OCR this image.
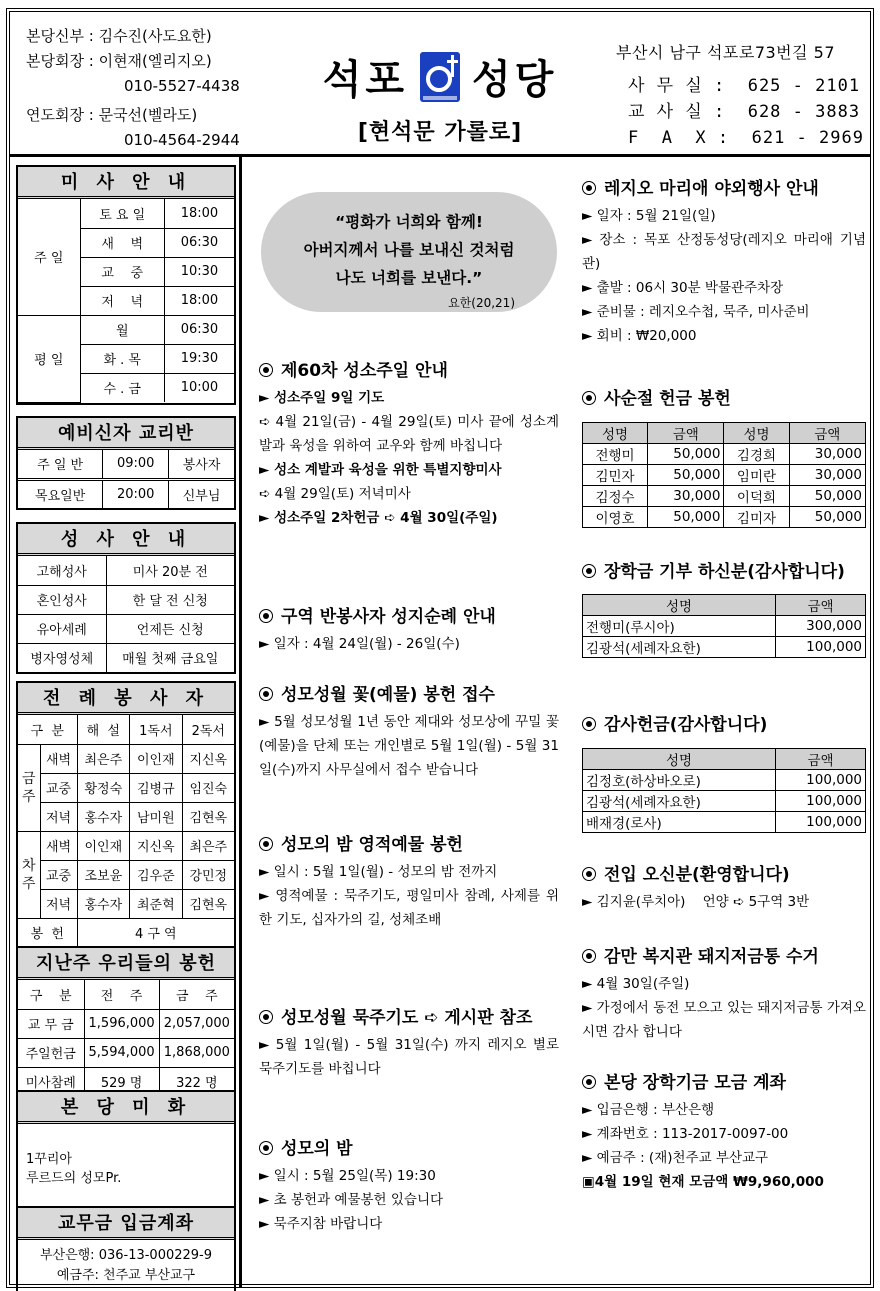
본당신부 : 김수진(사도요한)
본당회장 : 이현재(엘리지오)
010-5527-4438
연도회장 : 문국선(벨라도)
010-4564-2944
석포 성당
[현석문 가롤로]
부산시 남구 석포로73번길 57
사 무 실 : 625 - 2101
교 사 실 : 628 - 3883
F  A  X : 621 - 2969
미 사 안 내
주 일	토 요 일	18:00
	새    벽	06:30
	교    중	10:30
	저    녁	18:00
평 일	월	06:30
	화 . 목	19:30
	수 . 금	10:00
예비신자 교리반
주 일 반	09:00	봉사자
목요일반	20:00	신부님
성 사 안 내
고해성사	미사 20분 전
혼인성사	한 달 전 신청
유아세례	언제든 신청
병자영성체	매월 첫째 금요일
전 례 봉 사 자
구  분		해  설	1독서	2독서
금
주	새벽	최은주	이인재	지신옥
	교중	황정숙	김병규	임진숙
	저녁	홍수자	남미원	김현옥
차
주	새벽	이인재	지신옥	최은주
	교중	조보윤	김우준	강민정
	저녁	홍수자	최준혁	김현옥
봉  헌		4 구 역		
지난주 우리들의 봉헌
구    분	전    주	금    주
교 무 금	1,596,000	2,057,000
주일헌금	5,594,000	1,868,000
미사참례	529 명	322 명
본 당 미 화
1꾸리아
루르드의 성모Pr.
교무금 입금계좌
부산은행: 036-13-000229-9
예금주: 천주교 부산교구
“평화가 너희와 함께!
아버지께서 나를 보내신 것처럼
나도 너희를 보낸다.”
요한(20,21)
제60차 성소주일 안내
► 성소주일 9일 기도
➪ 4월 21일(금) - 4월 29일(토) 미사 끝에 성소계발과 육성을 위하여 교우와 함께 바칩니다
► 성소 계발과 육성을 위한 특별지향미사
➪ 4월 29일(토) 저녁미사
► 성소주일 2차헌금 ➪ 4월 30일(주일)
구역 반봉사자 성지순례 안내
► 일자 : 4월 24일(월) - 26일(수)
성모성월 꽃(예물) 봉헌 접수
► 5월 성모성월 1년 동안 제대와 성모상에 꾸밀 꽃(예물)을 단체 또는 개인별로 5월 1일(월) - 5월 31일(수)까지 사무실에서 접수 받습니다
성모의 밤 영적예물 봉헌
► 일시 : 5월 1일(월) - 성모의 밤 전까지
► 영적예물 : 묵주기도, 평일미사 참례, 사제를 위한 기도, 십자가의 길, 성체조배
성모성월 묵주기도 ➪ 게시판 참조
► 5월 1일(월) - 5월 31일(수) 까지 레지오 별로 묵주기도를 바칩니다
성모의 밤
► 일시 : 5월 25일(목) 19:30
► 초 봉헌과 예물봉헌 있습니다
► 묵주지참 바랍니다
레지오 마리애 야외행사 안내
► 일자 : 5월 21일(일)
► 장소 : 목포 산정동성당(레지오 마리애 기념관)
► 출발 : 06시 30분 박물관주차장
► 준비물 : 레지오수첩, 묵주, 미사준비
► 회비 : ₩20,000
사순절 헌금 봉헌
성명	금액	성명	금액
전행미	50,000	김경희	30,000
김민자	50,000	임미란	30,000
김정수	30,000	이덕희	50,000
이영호	50,000	김미자	50,000
장학금 기부 하신분(감사합니다)
성명	금액
전행미(루시아)	300,000
김광석(세례자요한)	100,000
감사헌금(감사합니다)
성명	금액
김정호(하상바오로)	100,000
김광석(세례자요한)	100,000
배재경(로사)	100,000
전입 오신분(환영합니다)
► 김지윤(루치아)    언양 ➪ 5구역 3반
감만 복지관 돼지저금통 수거
► 4월 30일(주일)
► 가정에서 동전 모으고 있는 돼지저금통 가져오시면 감사 합니다
본당 장학기금 모금 계좌
► 입금은행 : 부산은행
► 계좌번호 : 113-2017-0097-00
► 예금주 : (재)천주교 부산교구
▣4월 19일 현재 모금액 ₩9,960,000
